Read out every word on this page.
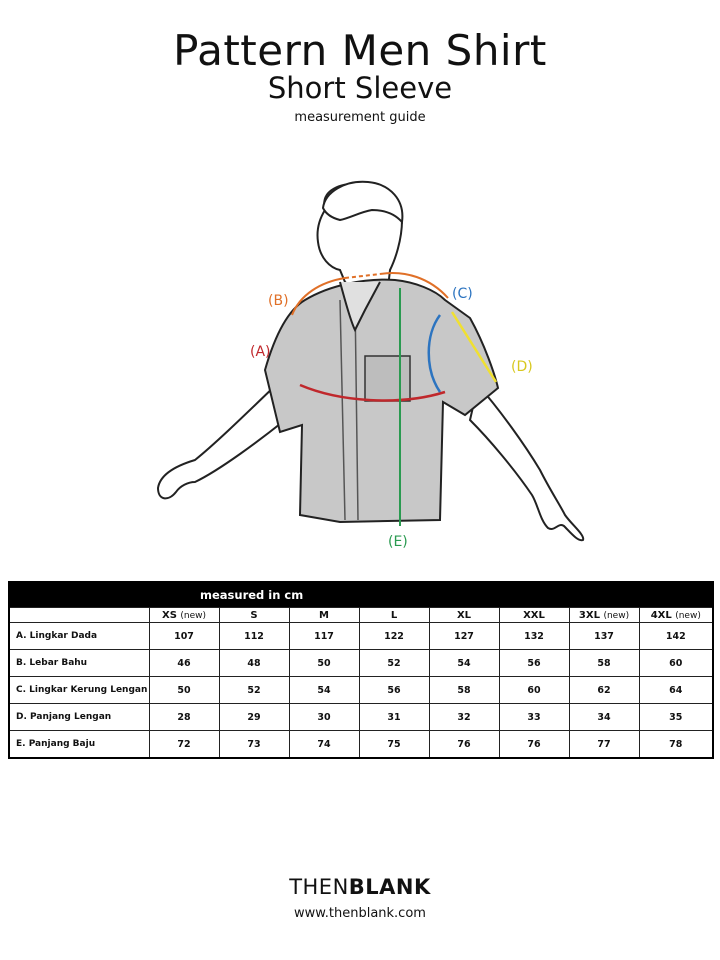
Pattern Men Shirt
Short Sleeve
measurement guide
(A)
(B)	(C)
(D)
(E)
measured in cm								
	XS (new)	S	M	L	XL	XXL	3XL (new)	4XL (new)
A. Lingkar Dada	107	112	117	122	127	132	137	142
B. Lebar Bahu	46	48	50	52	54	56	58	60
C. Lingkar Kerung Lengan	50	52	54	56	58	60	62	64
D. Panjang Lengan	28	29	30	31	32	33	34	35
E. Panjang Baju	72	73	74	75	76	76	77	78
THENBLANK
www.thenblank.com
